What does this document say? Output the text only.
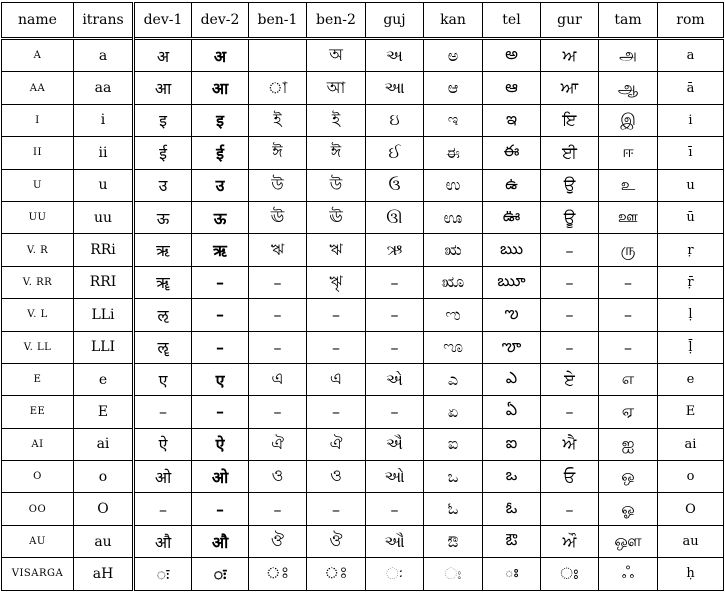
name	itrans	dev-1	dev-2	ben-1	ben-2	guj	kan	tel	gur	tam	rom
A	a	अ	अ		অ	અ	ಅ	అ	ਅ	அ	a
AA	aa	आ	आ	া	আ	આ	ಆ	ఆ	ਆ	ஆ	ā
I	i	इ	इ	ই	ই	ઇ	ಇ	ఇ	ਇ	இ	i
II	ii	ई	ई	ঈ	ঈ	ઈ	ಈ	ఈ	ਈ	ஈ	ī
U	u	उ	उ	উ	উ	ઉ	ಉ	ఉ	ਉ	உ	u
UU	uu	ऊ	ऊ	ঊ	ঊ	ઊ	ಊ	ఊ	ਊ	ஊ	ū
V. R	RRi	ऋ	ऋ	ঋ	ঋ	ઋ	ಋ	ఋ	–	ரு	ṛ
V. RR	RRI	ॠ	–	–	ৠ	–	ೠ	ౠ	–	–	ṝ
V. L	LLi	ऌ	–	–	–	–	ಌ	ఌ	–	–	ḷ
V. LL	LLI	ॡ	–	–	–	–	ೡ	ౡ	–	–	ḹ
E	e	ए	ए	এ	এ	એ	ಎ	ఎ	ਏ	எ	e
EE	E	–	–	–	–	–	ಏ	ఏ	–	ஏ	E
AI	ai	ऐ	ऐ	ঐ	ঐ	ઐ	ಐ	ఐ	ਐ	ஐ	ai
O	o	ओ	ओ	ও	ও	ઓ	ಒ	ఒ	ਓ	ஒ	o
OO	O	–	–	–	–	–	ಓ	ఓ	–	ஓ	O
AU	au	औ	औ	ঔ	ঔ	ઔ	ಔ	ఔ	ਔ	ஔ	au
VISARGA	aH	ः	ः	ঃ	ঃ	ઃ	ಃ	ః	ਃ	ஃ	ḥ
